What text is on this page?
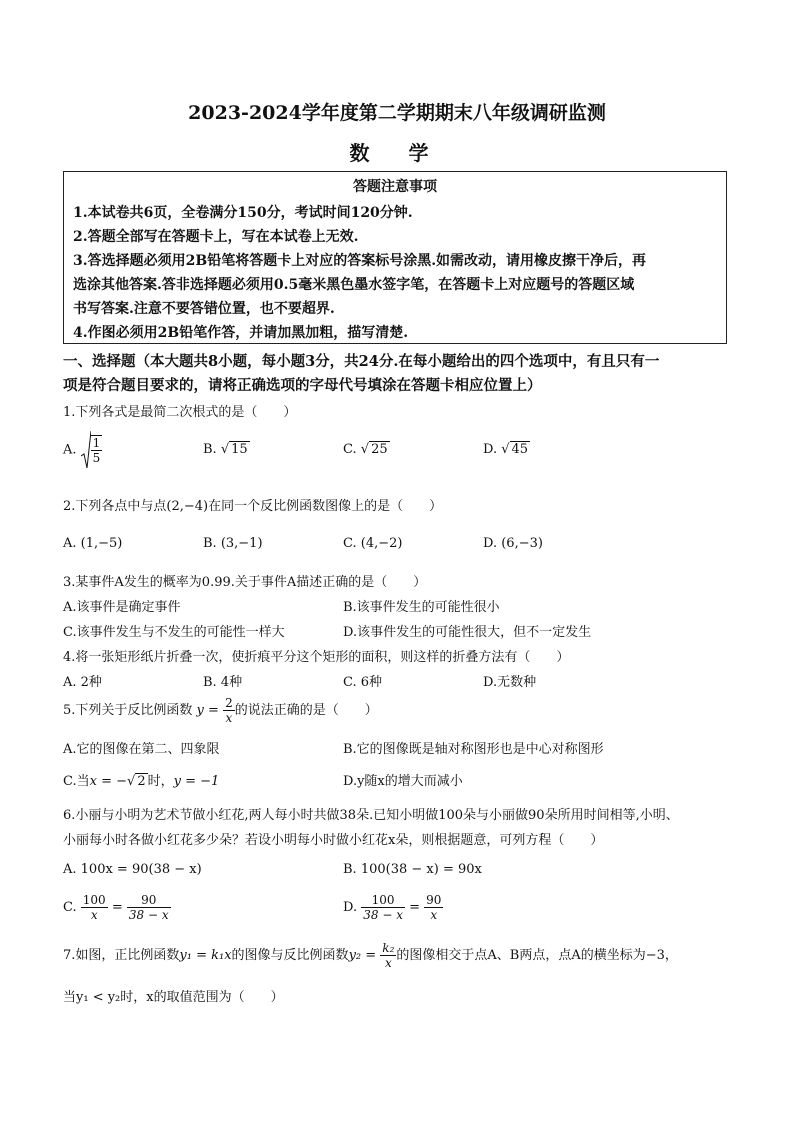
2023-2024学年度第二学期期末八年级调研监测
数 学
答题注意事项
1.本试卷共6页，全卷满分150分，考试时间120分钟.
2.答题全部写在答题卡上，写在本试卷上无效.
3.答选择题必须用2B铅笔将答题卡上对应的答案标号涂黑.如需改动，请用橡皮擦干净后，再
选涂其他答案.答非选择题必须用0.5毫米黑色墨水签字笔，在答题卡上对应题号的答题区域
书写答案.注意不要答错位置，也不要超界.
4.作图必须用2B铅笔作答，并请加黑加粗，描写清楚.
一、选择题（本大题共8小题，每小题3分，共24分.在每小题给出的四个选项中，有且只有一
项是符合题目要求的，请将正确选项的字母代号填涂在答题卡相应位置上）
1.下列各式是最简二次根式的是（　　）
A. $\frac{1}{5}$	B. √ 15	C. √ 25	D. √ 45
2.下列各点中与点(2,−4)在同一个反比例函数图像上的是（　　）
A. (1,−5)	B. (3,−1)	C. (4,−2)	D. (6,−3)
3.某事件A发生的概率为0.99.关于事件A描述正确的是（　　）
A.该事件是确定事件	B.该事件发生的可能性很小
C.该事件发生与不发生的可能性一样大	D.该事件发生的可能性很大，但不一定发生
4.将一张矩形纸片折叠一次，使折痕平分这个矩形的面积，则这样的折叠方法有（　　）
A. 2种	B. 4种	C. 6种	D.无数种
5.下列关于反比例函数 $y = \frac{2}{x}$ 的说法正确的是（　　）
A.它的图像在第二、四象限	B.它的图像既是轴对称图形也是中心对称图形
C.当x = −√ 2 时，y = −1	D.y随x的增大而减小
6.小丽与小明为艺术节做小红花,两人每小时共做38朵.已知小明做100朵与小丽做90朵所用时间相等,小明、
小丽每小时各做小红花多少朵？若设小明每小时做小红花x朵，则根据题意，可列方程（　　）
A. 100x = 90(38 − x)	B. 100(38 − x) = 90x
C. $\frac{100}{x} = \frac{90}{38 - x}$	D. $\frac{100}{38 - x} = \frac{90}{x}$
7.如图，正比例函数y₁ = k₁x的图像与反比例函数$y_2 = \frac{\text{k₂}}{x}$ 的图像相交于点A、B两点，点A的横坐标为−3，
当y₁ < y₂时，x的取值范围为（　　）
